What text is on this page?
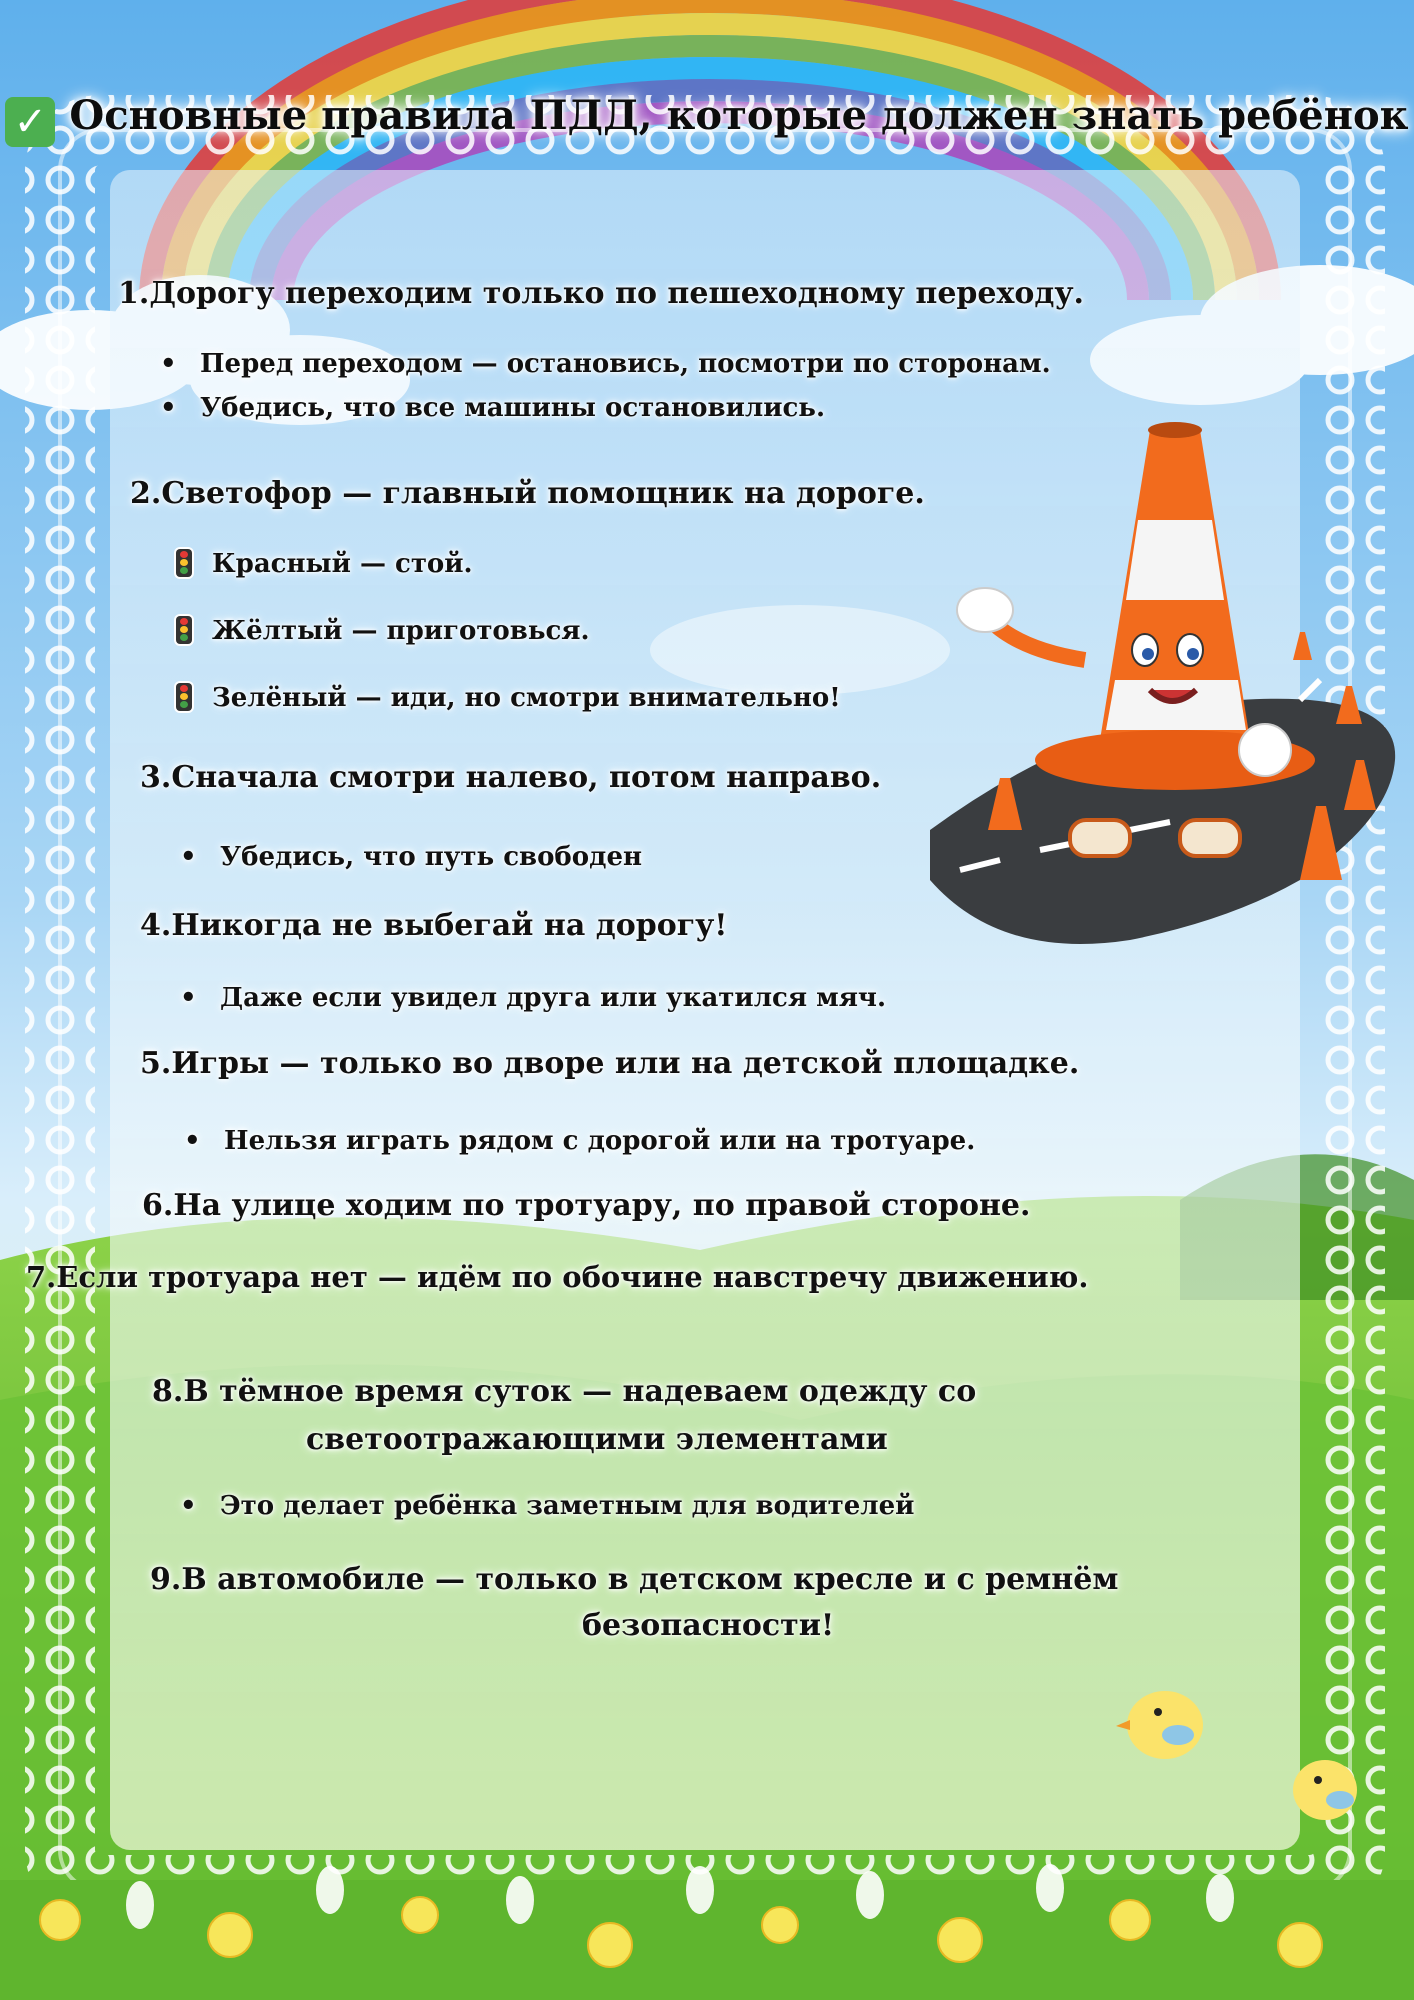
✓ Основные правила ПДД, которые должен знать ребёнок
1.Дорогу переходим только по пешеходному переходу.
• Перед переходом — остановись, посмотри по сторонам.
• Убедись, что все машины остановились.
2.Светофор — главный помощник на дороге.
Красный — стой.
Жёлтый — приготовься.
Зелёный — иди, но смотри внимательно!
3.Сначала смотри налево, потом направо.
• Убедись, что путь свободен
4.Никогда не выбегай на дорогу!
• Даже если увидел друга или укатился мяч.
5.Игры — только во дворе или на детской площадке.
• Нельзя играть рядом с дорогой или на тротуаре.
6.На улице ходим по тротуару, по правой стороне.
7.Если тротуара нет — идём по обочине навстречу движению.
8.В тёмное время суток — надеваем одежду со
светоотражающими элементами
• Это делает ребёнка заметным для водителей
9.В автомобиле — только в детском кресле и с ремнём
безопасности!
